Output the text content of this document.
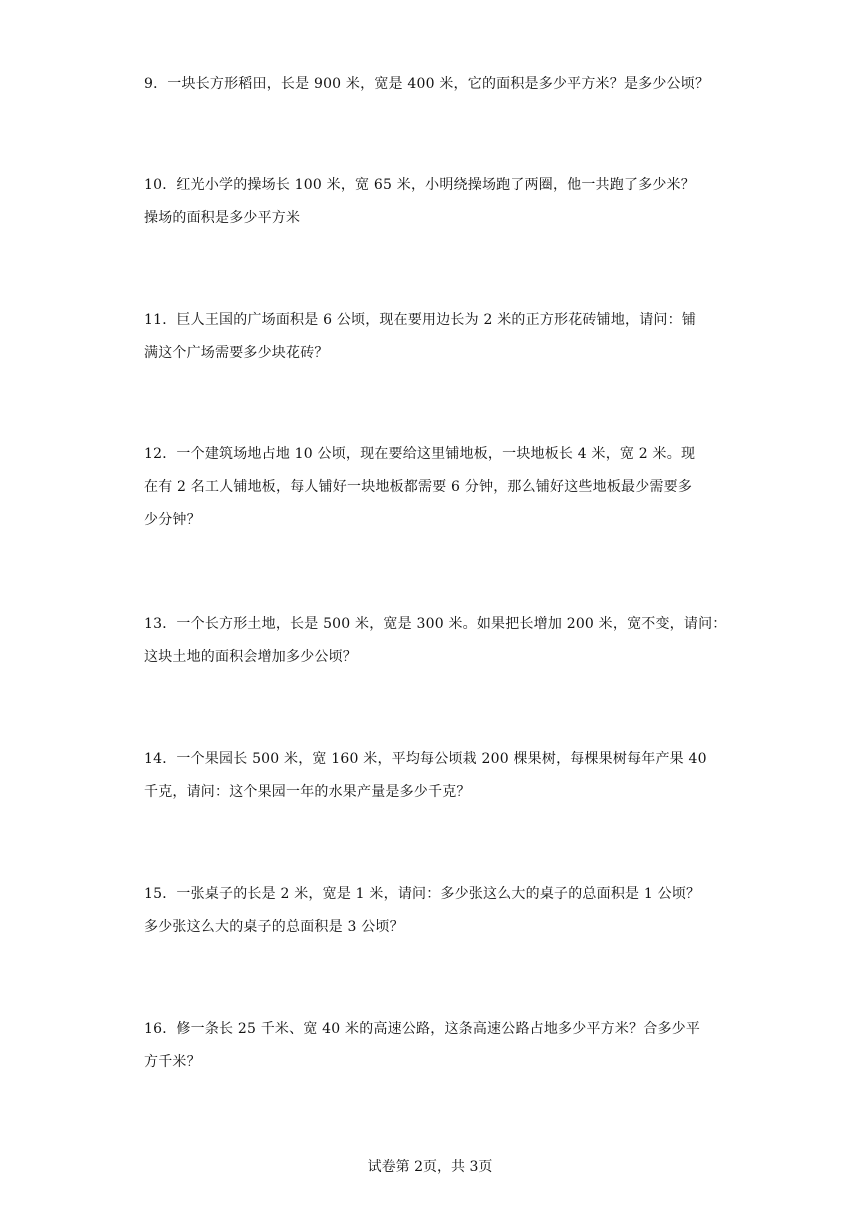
9．一块长方形稻田，长是 900 米，宽是 400 米，它的面积是多少平方米？是多少公顷？
10．红光小学的操场长 100 米，宽 65 米，小明绕操场跑了两圈，他一共跑了多少米？
操场的面积是多少平方米
11．巨人王国的广场面积是 6 公顷，现在要用边长为 2 米的正方形花砖铺地，请问：铺
满这个广场需要多少块花砖？
12．一个建筑场地占地 10 公顷，现在要给这里铺地板，一块地板长 4 米，宽 2 米。现
在有 2 名工人铺地板，每人铺好一块地板都需要 6 分钟，那么铺好这些地板最少需要多
少分钟？
13．一个长方形土地，长是 500 米，宽是 300 米。如果把长增加 200 米，宽不变，请问：
这块土地的面积会增加多少公顷？
14．一个果园长 500 米，宽 160 米，平均每公顷栽 200 棵果树，每棵果树每年产果 40
千克，请问：这个果园一年的水果产量是多少千克？
15．一张桌子的长是 2 米，宽是 1 米，请问：多少张这么大的桌子的总面积是 1 公顷？
多少张这么大的桌子的总面积是 3 公顷？
16．修一条长 25 千米、宽 40 米的高速公路，这条高速公路占地多少平方米？合多少平
方千米？
试卷第 2页，共 3页
